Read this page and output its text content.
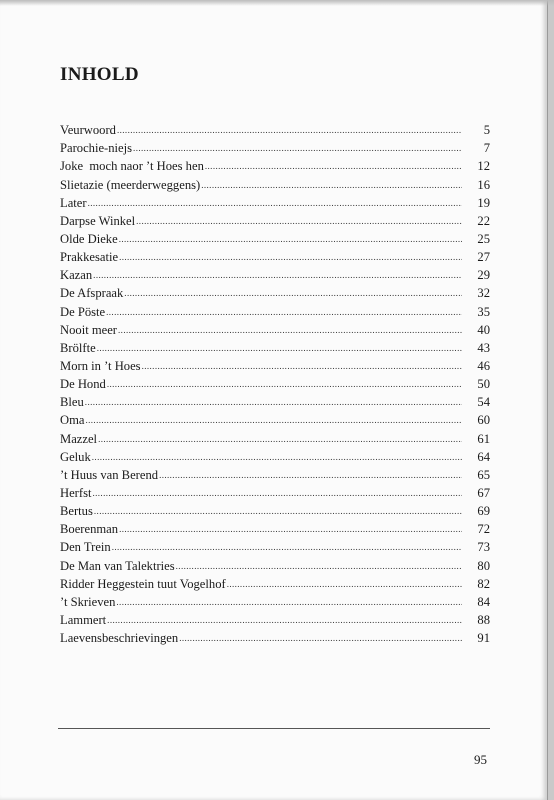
INHOLD
Veurwoord .....	5
Parochie-niejs .....	7
Joke  moch naor ’t Hoes hen .....	12
Slietazie (meerderweggens) .....	16
Later .....	19
Darpse Winkel .....	22
Olde Dieke .....	25
Prakkesatie .....	27
Kazan .....	29
De Afspraak .....	32
De Pöste .....	35
Nooit meer .....	40
Brölfte .....	43
Morn in ’t Hoes .....	46
De Hond .....	50
Bleu .....	54
Oma .....	60
Mazzel .....	61
Geluk .....	64
’t Huus van Berend .....	65
Herfst .....	67
Bertus .....	69
Boerenman .....	72
Den Trein .....	73
De Man van Talektries .....	80
Ridder Heggestein tuut Vogelhof .....	82
’t Skrieven .....	84
Lammert .....	88
Laevensbeschrievingen .....	91
95
